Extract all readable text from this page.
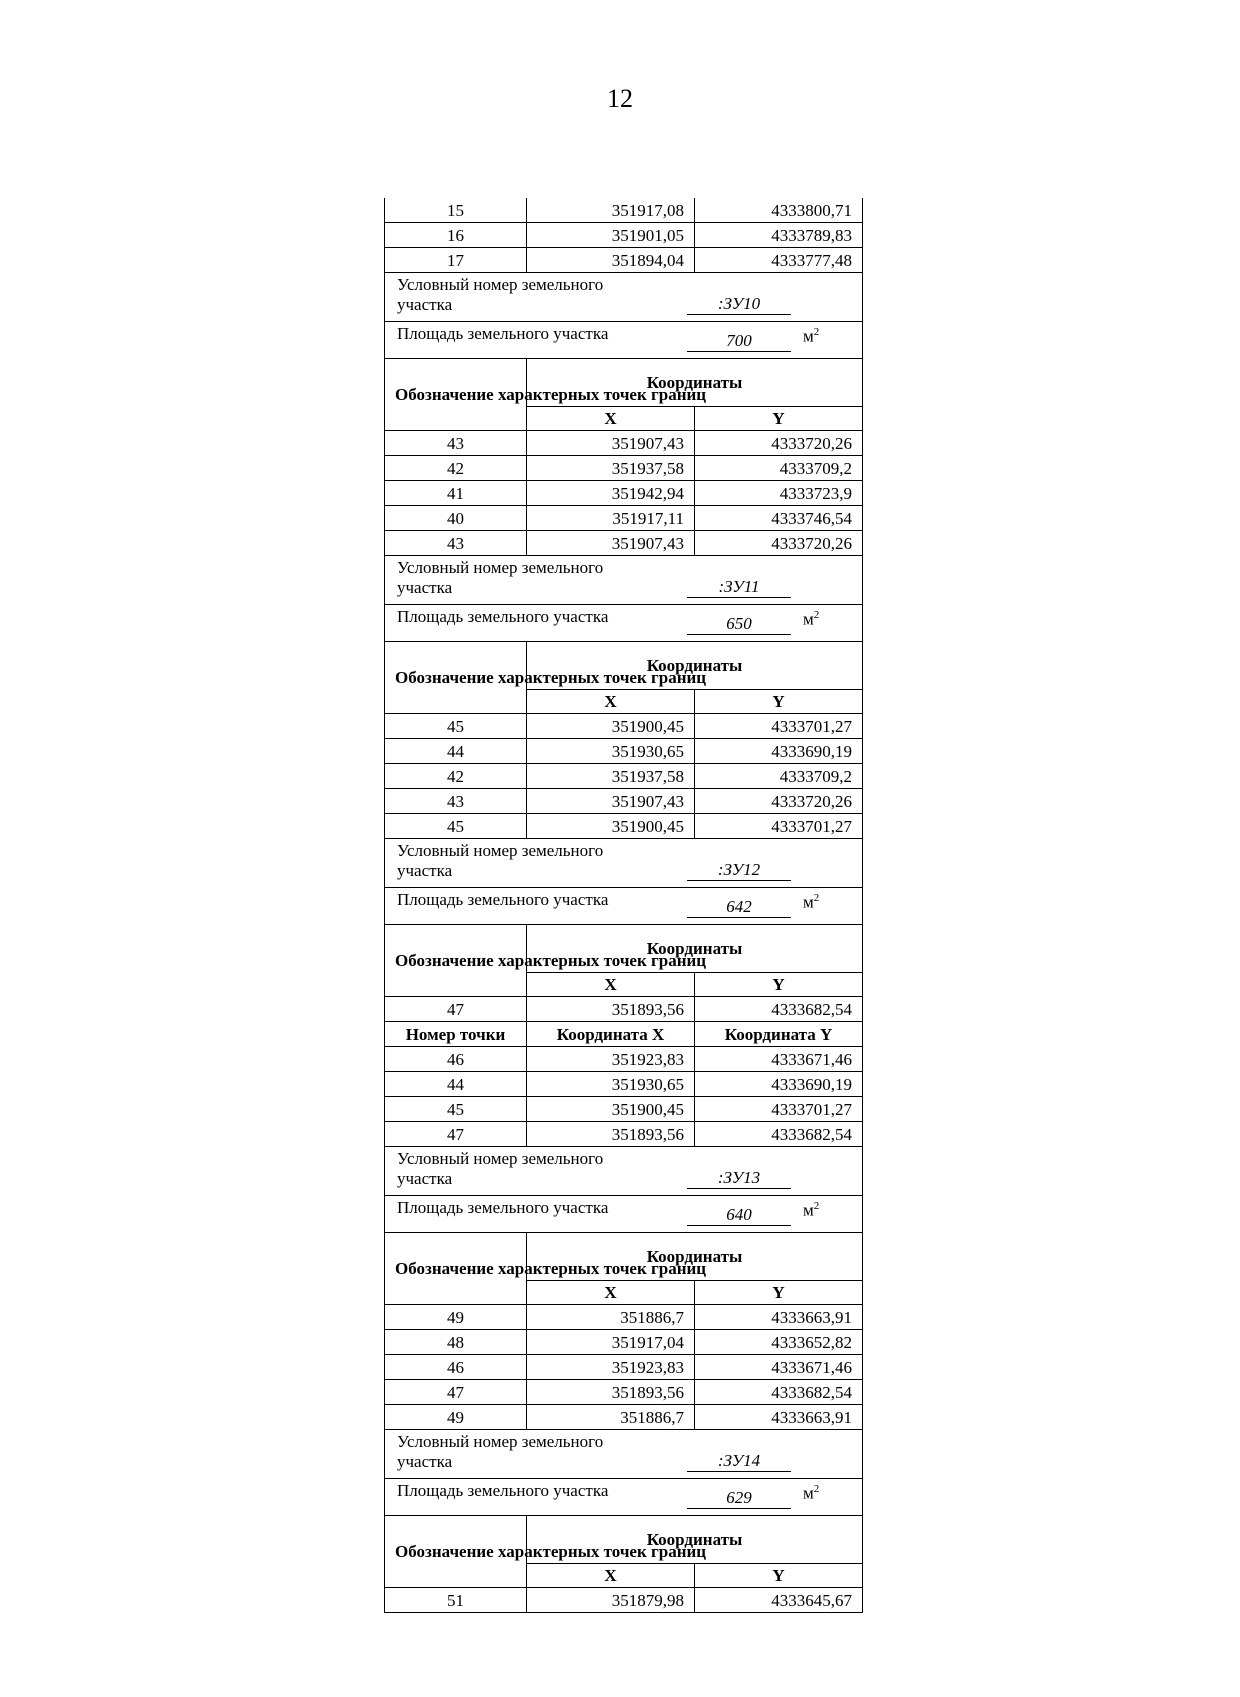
12
15	351917,08	4333800,71
16	351901,05	4333789,83
17	351894,04	4333777,48

Условный номер земельного участка :ЗУ10		

Площадь земельного участка 700 $м^2$

Обозначение характерных точек границ	Координаты	
	X	Y
43	351907,43	4333720,26
42	351937,58	4333709,2
41	351942,94	4333723,9
40	351917,11	4333746,54
43	351907,43	4333720,26

Условный номер земельного участка :ЗУ11		

Площадь земельного участка 650 $м^2$

Обозначение характерных точек границ	Координаты	
	X	Y
45	351900,45	4333701,27
44	351930,65	4333690,19
42	351937,58	4333709,2
43	351907,43	4333720,26
45	351900,45	4333701,27

Условный номер земельного участка :ЗУ12		

Площадь земельного участка 642 $м^2$

Обозначение характерных точек границ	Координаты	
	X	Y
47	351893,56	4333682,54
Номер точки	Координата X	Координата Y
46	351923,83	4333671,46
44	351930,65	4333690,19
45	351900,45	4333701,27
47	351893,56	4333682,54

Условный номер земельного участка :ЗУ13		

Площадь земельного участка 640 $м^2$

Обозначение характерных точек границ	Координаты	
	X	Y
49	351886,7	4333663,91
48	351917,04	4333652,82
46	351923,83	4333671,46
47	351893,56	4333682,54
49	351886,7	4333663,91

Условный номер земельного участка :ЗУ14		

Площадь земельного участка 629 $м^2$

Обозначение характерных точек границ	Координаты	
	X	Y
51	351879,98	4333645,67
